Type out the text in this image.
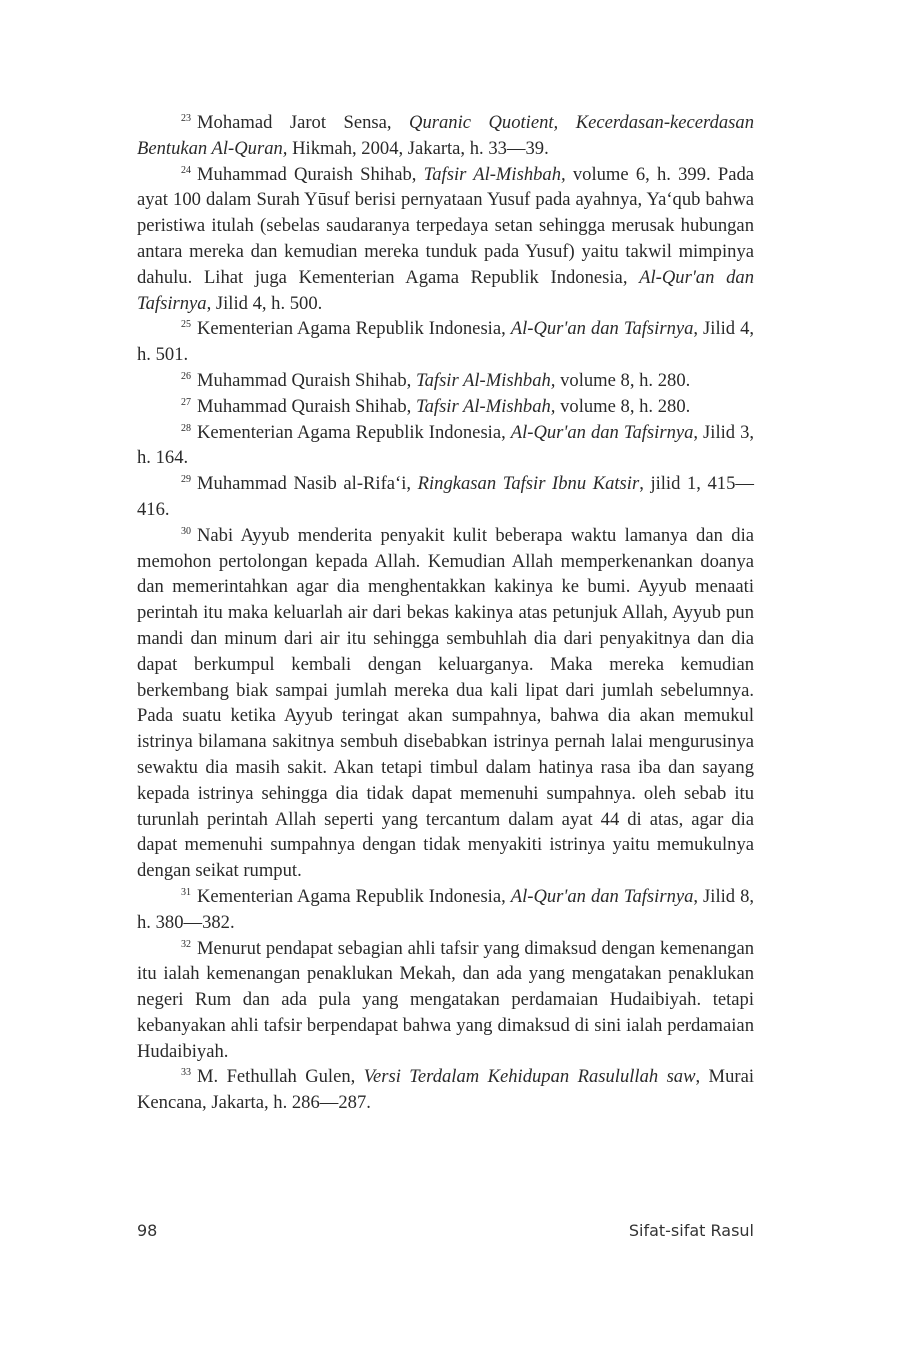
$^{23}$ Mohamad Jarot Sensa, Quranic Quotient, Kecerdasan-kecerdasan Bentukan Al-Quran, Hikmah, 2004, Jakarta, h. 33—39.

$^{24}$ Muhammad Quraish Shihab, Tafsir Al-Mishbah, volume 6, h. 399. Pada ayat 100 dalam Surah Yūsuf berisi pernyataan Yusuf pada ayahnya, Ya‘qub bahwa peristiwa itulah (sebelas saudaranya terpedaya setan sehingga merusak hubungan antara mereka dan kemudian mereka tunduk pada Yusuf) yaitu takwil mimpinya dahulu. Lihat juga Kementerian Agama Republik Indonesia, Al-Qur'an dan Tafsirnya, Jilid 4, h. 500.

$^{25}$ Kementerian Agama Republik Indonesia, Al-Qur'an dan Tafsirnya, Jilid 4, h. 501.

$^{26}$ Muhammad Quraish Shihab, Tafsir Al-Mishbah, volume 8, h. 280.

$^{27}$ Muhammad Quraish Shihab, Tafsir Al-Mishbah, volume 8, h. 280.

$^{28}$ Kementerian Agama Republik Indonesia, Al-Qur'an dan Tafsirnya, Jilid 3, h. 164.

$^{29}$ Muhammad Nasib al-Rifa‘i, Ringkasan Tafsir Ibnu Katsir, jilid 1, 415—416.

$^{30}$ Nabi Ayyub menderita penyakit kulit beberapa waktu lamanya dan dia memohon pertolongan kepada Allah. Kemudian Allah memperkenankan doanya dan memerintahkan agar dia menghentakkan kakinya ke bumi. Ayyub menaati perintah itu maka keluarlah air dari bekas kakinya atas petunjuk Allah, Ayyub pun mandi dan minum dari air itu sehingga sembuhlah dia dari penyakitnya dan dia dapat berkumpul kembali dengan keluarganya. Maka mereka kemudian berkembang biak sampai jumlah mereka dua kali lipat dari jumlah sebelumnya. Pada suatu ketika Ayyub teringat akan sumpahnya, bahwa dia akan memukul istrinya bilamana sakitnya sembuh disebabkan istrinya pernah lalai mengurusinya sewaktu dia masih sakit. Akan tetapi timbul dalam hatinya rasa iba dan sayang kepada istrinya sehingga dia tidak dapat memenuhi sumpahnya. oleh sebab itu turunlah perintah Allah seperti yang tercantum dalam ayat 44 di atas, agar dia dapat memenuhi sumpahnya dengan tidak menyakiti istrinya yaitu memukulnya dengan seikat rumput.

$^{31}$ Kementerian Agama Republik Indonesia, Al-Qur'an dan Tafsirnya, Jilid 8, h. 380—382.

$^{32}$ Menurut pendapat sebagian ahli tafsir yang dimaksud dengan kemenangan itu ialah kemenangan penaklukan Mekah, dan ada yang mengatakan penaklukan negeri Rum dan ada pula yang mengatakan perdamaian Hudaibiyah. tetapi kebanyakan ahli tafsir berpendapat bahwa yang dimaksud di sini ialah perdamaian Hudaibiyah.

$^{33}$ M. Fethullah Gulen, Versi Terdalam Kehidupan Rasulullah saw, Murai Kencana, Jakarta, h. 286—287.

98	Sifat-sifat Rasul
